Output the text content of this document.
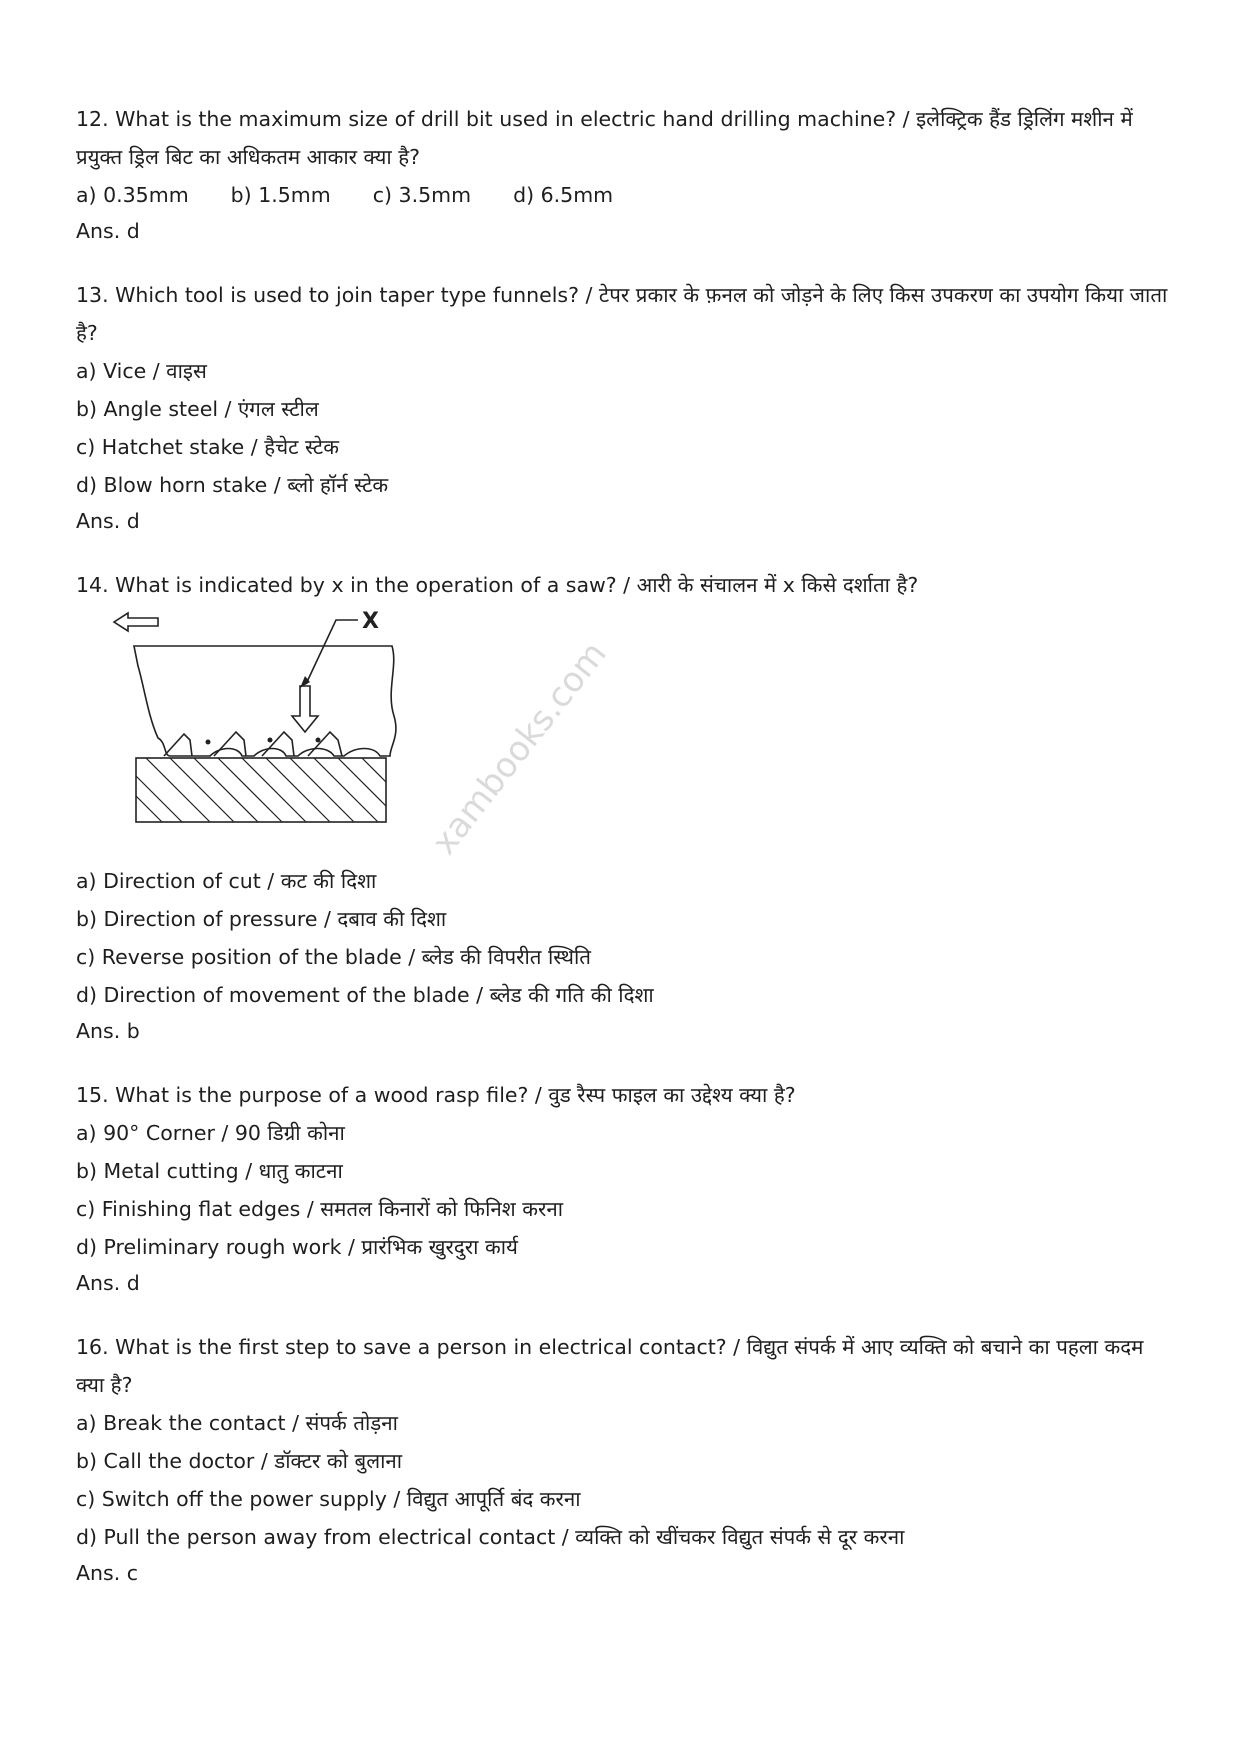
12. What is the maximum size of drill bit used in electric hand drilling machine? / इलेक्ट्रिक हैंड ड्रिलिंग मशीन में प्रयुक्त ड्रिल बिट का अधिकतम आकार क्या है?

a) 0.35mm b) 1.5mm c) 3.5mm d) 6.5mm

Ans. d

13. Which tool is used to join taper type funnels? / टेपर प्रकार के फ़नल को जोड़ने के लिए किस उपकरण का उपयोग किया जाता है?

a) Vice / वाइस

b) Angle steel / एंगल स्टील

c) Hatchet stake / हैचेट स्टेक

d) Blow horn stake / ब्लो हॉर्न स्टेक

Ans. d

14. What is indicated by x in the operation of a saw? / आरी के संचालन में x किसे दर्शाता है?

X

a) Direction of cut / कट की दिशा

b) Direction of pressure / दबाव की दिशा

c) Reverse position of the blade / ब्लेड की विपरीत स्थिति

d) Direction of movement of the blade / ब्लेड की गति की दिशा

Ans. b

15. What is the purpose of a wood rasp file? / वुड रैस्प फाइल का उद्देश्य क्या है?

a) 90° Corner / 90 डिग्री कोना

b) Metal cutting / धातु काटना

c) Finishing flat edges / समतल किनारों को फिनिश करना

d) Preliminary rough work / प्रारंभिक खुरदुरा कार्य

Ans. d

16. What is the first step to save a person in electrical contact? / विद्युत संपर्क में आए व्यक्ति को बचाने का पहला कदम क्या है?

a) Break the contact / संपर्क तोड़ना

b) Call the doctor / डॉक्टर को बुलाना

c) Switch off the power supply / विद्युत आपूर्ति बंद करना

d) Pull the person away from electrical contact / व्यक्ति को खींचकर विद्युत संपर्क से दूर करना

Ans. c

xambooks.com
